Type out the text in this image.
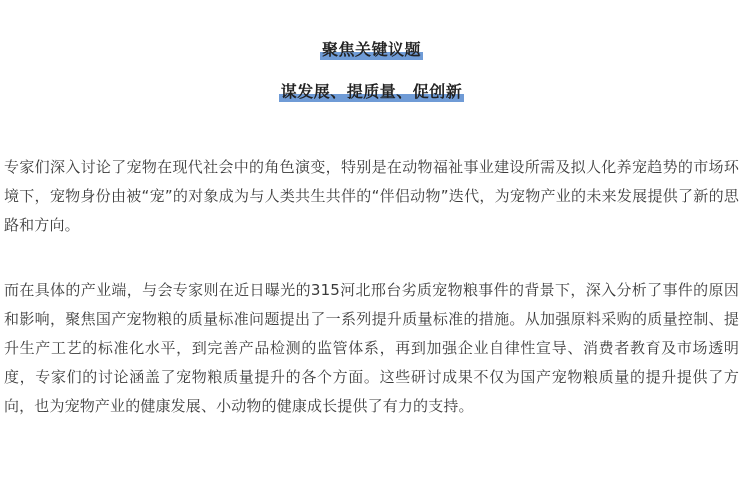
聚焦关键议题
谋发展、提质量、促创新

专家们深入讨论了宠物在现代社会中的角色演变，特别是在动物福祉事业建设所需及拟人化养宠趋势的市场环境下，宠物身份由被“宠”的对象成为与人类共生共伴的“伴侣动物”迭代，为宠物产业的未来发展提供了新的思路和方向。

而在具体的产业端，与会专家则在近日曝光的315河北邢台劣质宠物粮事件的背景下，深入分析了事件的原因和影响，聚焦国产宠物粮的质量标准问题提出了一系列提升质量标准的措施。从加强原料采购的质量控制、提升生产工艺的标准化水平，到完善产品检测的监管体系，再到加强企业自律性宣导、消费者教育及市场透明度，专家们的讨论涵盖了宠物粮质量提升的各个方面。这些研讨成果不仅为国产宠物粮质量的提升提供了方向，也为宠物产业的健康发展、小动物的健康成长提供了有力的支持。
